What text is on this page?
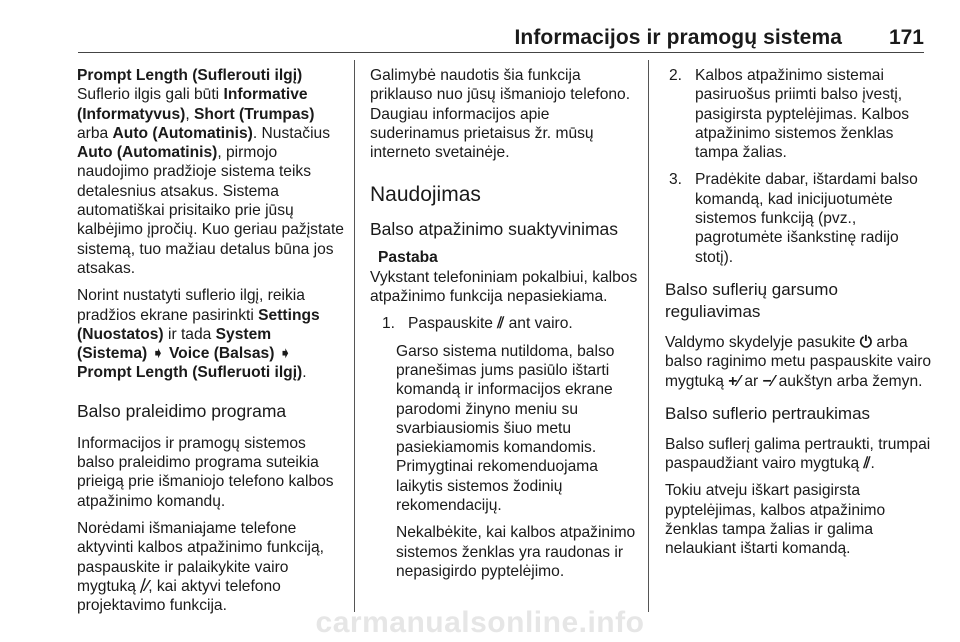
Informacijos ir pramogų sistema 171

Prompt Length (Suflerouti ilgį)

Suflerio ilgis gali būti Informative (Informatyvus), Short (Trumpas) arba Auto (Automatinis). Nustačius Auto (Automatinis), pirmojo naudojimo pradžioje sistema teiks detalesnius atsakus. Sistema automatiškai prisitaiko prie jūsų kalbėjimo įpročių. Kuo geriau pažįstate sistemą, tuo mažiau detalus būna jos atsakas.

Norint nustatyti suflerio ilgį, reikia pradžios ekrane pasirinkti Settings (Nuostatos) ir tada System (Sistema) ➧ Voice (Balsas) ➧ Prompt Length (Sufleruoti ilgį).

Balso praleidimo programa

Informacijos ir pramogų sistemos balso praleidimo programa suteikia prieigą prie išmaniojo telefono kalbos atpažinimo komandų.

Norėdami išmaniajame telefone aktyvinti kalbos atpažinimo funkciją, paspauskite ir palaikykite vairo mygtuką ⧸⁄, kai aktyvi telefono projektavimo funkcija.

Galimybė naudotis šia funkcija priklauso nuo jūsų išmaniojo telefono. Daugiau informacijos apie suderinamus prietaisus žr. mūsų interneto svetainėje.

Naudojimas
Balso atpažinimo suaktyvinimas

Pastaba

Vykstant telefoniniam pokalbiui, kalbos atpažinimo funkcija nepasiekiama.

1. Paspauskite ⫽ ant vairo.

Garso sistema nutildoma, balso pranešimas jums pasiūlo ištarti komandą ir informacijos ekrane parodomi žinyno meniu su svarbiausiomis šiuo metu pasiekiamomis komandomis. Primygtinai rekomenduojama laikytis sistemos žodinių rekomendacijų.

Nekalbėkite, kai kalbos atpažinimo sistemos ženklas yra raudonas ir nepasigirdo pyptelėjimo.

2. Kalbos atpažinimo sistemai pasiruošus priimti balso įvestį, pasigirsta pyptelėjimas. Kalbos atpažinimo sistemos ženklas tampa žalias.
3. Pradėkite dabar, ištardami balso komandą, kad inicijuotumėte sistemos funkciją (pvz., pagrotumėte išankstinę radijo stotį).
Balso suflerių garsumo reguliavimas

Valdymo skydelyje pasukite ⏻ arba balso raginimo metu paspauskite vairo mygtuką +⁄ ar −⁄ aukštyn arba žemyn.

Balso suflerio pertraukimas

Balso suflerį galima pertraukti, trumpai paspaudžiant vairo mygtuką ⫽.

Tokiu atveju iškart pasigirsta pyptelėjimas, kalbos atpažinimo ženklas tampa žalias ir galima nelaukiant ištarti komandą.

carmanualsonline.info
